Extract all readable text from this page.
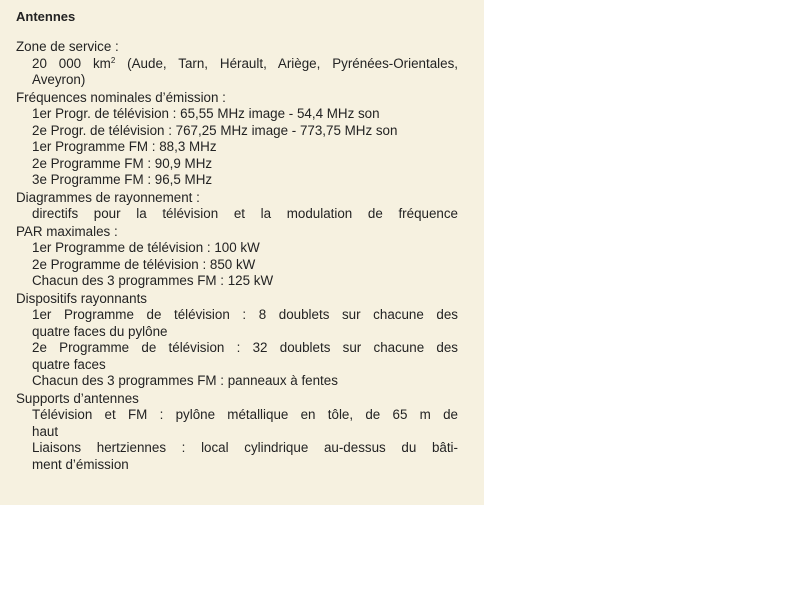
Antennes
Zone de service :
20 000 $km^2$ (Aude, Tarn, Hérault, Ariège, Pyrénées-Orientales,
Aveyron)
Fréquences nominales d’émission :
1er Progr. de télévision : 65,55 MHz image - 54,4 MHz son
2e Progr. de télévision : 767,25 MHz image - 773,75 MHz son
1er Programme FM : 88,3 MHz
2e Programme FM : 90,9 MHz
3e Programme FM : 96,5 MHz
Diagrammes de rayonnement :
directifs pour la télévision et la modulation de fréquence
PAR maximales :
1er Programme de télévision : 100 kW
2e Programme de télévision : 850 kW
Chacun des 3 programmes FM : 125 kW
Dispositifs rayonnants
1er Programme de télévision : 8 doublets sur chacune des
quatre faces du pylône
2e Programme de télévision : 32 doublets sur chacune des
quatre faces
Chacun des 3 programmes FM : panneaux à fentes
Supports d’antennes
Télévision et FM : pylône métallique en tôle, de 65 m de
haut
Liaisons hertziennes : local cylindrique au-dessus du bâti-
ment d’émission
